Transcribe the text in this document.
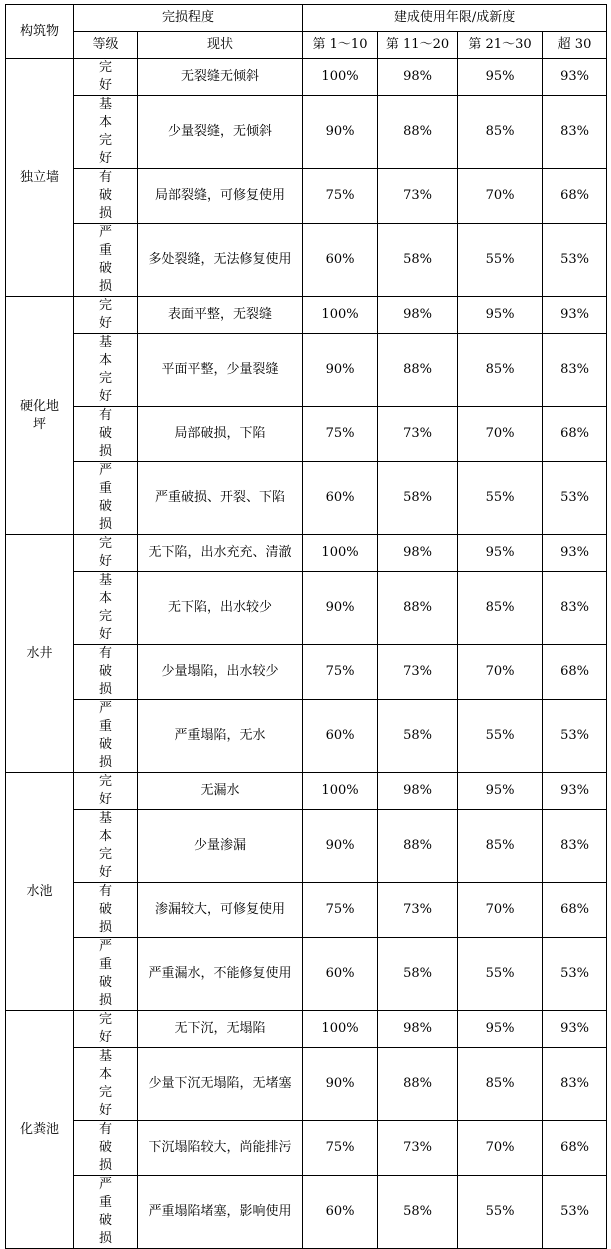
构筑物	完损程度		建成使用年限/成新度			
	等级	现状	第 1～10	第 11～20	第 21～30	超 30
独立墙	完好	无裂缝无倾斜	100%	98%	95%	93%
	基本完好	少量裂缝，无倾斜	90%	88%	85%	83%
	有破损	局部裂缝，可修复使用	75%	73%	70%	68%
	严重破损	多处裂缝，无法修复使用	60%	58%	55%	53%
硬化地坪	完好	表面平整，无裂缝	100%	98%	95%	93%
	基本完好	平面平整，少量裂缝	90%	88%	85%	83%
	有破损	局部破损，下陷	75%	73%	70%	68%
	严重破损	严重破损、开裂、下陷	60%	58%	55%	53%
水井	完好	无下陷，出水充充、清澈	100%	98%	95%	93%
	基本完好	无下陷，出水较少	90%	88%	85%	83%
	有破损	少量塌陷，出水较少	75%	73%	70%	68%
	严重破损	严重塌陷，无水	60%	58%	55%	53%
水池	完好	无漏水	100%	98%	95%	93%
	基本完好	少量渗漏	90%	88%	85%	83%
	有破损	渗漏较大，可修复使用	75%	73%	70%	68%
	严重破损	严重漏水，不能修复使用	60%	58%	55%	53%
化粪池	完好	无下沉，无塌陷	100%	98%	95%	93%
	基本完好	少量下沉无塌陷，无堵塞	90%	88%	85%	83%
	有破损	下沉塌陷较大，尚能排污	75%	73%	70%	68%
	严重破损	严重塌陷堵塞，影响使用	60%	58%	55%	53%
